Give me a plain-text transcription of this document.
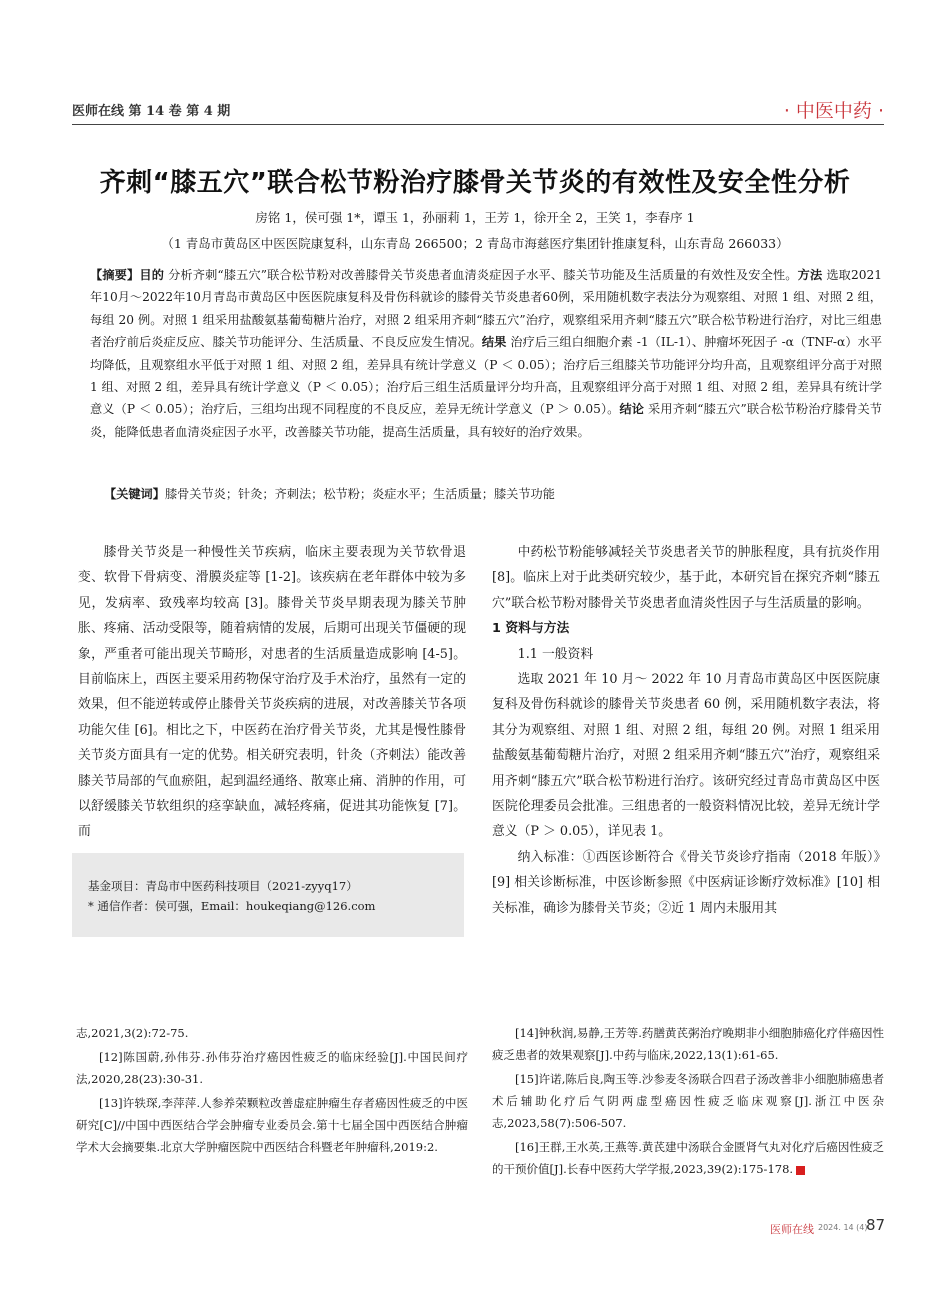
医师在线 第 14 卷 第 4 期	· 中医中药 ·
齐刺“膝五穴”联合松节粉治疗膝骨关节炎的有效性及安全性分析
房铭 1，侯可强 1*，谭玉 1，孙丽莉 1，王芳 1，徐开全 2，王笑 1，李春序 1
（1 青岛市黄岛区中医医院康复科，山东青岛 266500；2 青岛市海慈医疗集团针推康复科，山东青岛 266033）
【摘要】目的 分析齐刺“膝五穴”联合松节粉对改善膝骨关节炎患者血清炎症因子水平、膝关节功能及生活质量的有效性及安全性。方法 选取2021年10月～2022年10月青岛市黄岛区中医医院康复科及骨伤科就诊的膝骨关节炎患者60例，采用随机数字表法分为观察组、对照 1 组、对照 2 组，每组 20 例。对照 1 组采用盐酸氨基葡萄糖片治疗，对照 2 组采用齐刺“膝五穴”治疗，观察组采用齐刺“膝五穴”联合松节粉进行治疗，对比三组患者治疗前后炎症反应、膝关节功能评分、生活质量、不良反应发生情况。结果 治疗后三组白细胞介素 -1（IL-1）、肿瘤坏死因子 -α（TNF-α）水平均降低，且观察组水平低于对照 1 组、对照 2 组，差异具有统计学意义（P ＜ 0.05）；治疗后三组膝关节功能评分均升高，且观察组评分高于对照 1 组、对照 2 组，差异具有统计学意义（P ＜ 0.05）；治疗后三组生活质量评分均升高，且观察组评分高于对照 1 组、对照 2 组，差异具有统计学意义（P ＜ 0.05）；治疗后，三组均出现不同程度的不良反应，差异无统计学意义（P ＞ 0.05）。结论 采用齐刺“膝五穴”联合松节粉治疗膝骨关节炎，能降低患者血清炎症因子水平，改善膝关节功能，提高生活质量，具有较好的治疗效果。
【关键词】膝骨关节炎；针灸；齐刺法；松节粉；炎症水平；生活质量；膝关节功能

膝骨关节炎是一种慢性关节疾病，临床主要表现为关节软骨退变、软骨下骨病变、滑膜炎症等 [1-2]。该疾病在老年群体中较为多见，发病率、致残率均较高 [3]。膝骨关节炎早期表现为膝关节肿胀、疼痛、活动受限等，随着病情的发展，后期可出现关节僵硬的现象，严重者可能出现关节畸形，对患者的生活质量造成影响 [4-5]。目前临床上，西医主要采用药物保守治疗及手术治疗，虽然有一定的效果，但不能逆转或停止膝骨关节炎疾病的进展，对改善膝关节各项功能欠佳 [6]。相比之下，中医药在治疗骨关节炎，尤其是慢性膝骨关节炎方面具有一定的优势。相关研究表明，针灸（齐刺法）能改善膝关节局部的气血瘀阻，起到温经通络、散寒止痛、消肿的作用，可以舒缓膝关节软组织的痉挛缺血，减轻疼痛，促进其功能恢复 [7]。而

基金项目：青岛市中医药科技项目（2021-zyyq17）
* 通信作者：侯可强，Email：houkeqiang@126.com

中药松节粉能够减轻关节炎患者关节的肿胀程度，具有抗炎作用 [8]。临床上对于此类研究较少，基于此，本研究旨在探究齐刺“膝五穴”联合松节粉对膝骨关节炎患者血清炎性因子与生活质量的影响。

1 资料与方法

1.1 一般资料

选取 2021 年 10 月～ 2022 年 10 月青岛市黄岛区中医医院康复科及骨伤科就诊的膝骨关节炎患者 60 例，采用随机数字表法，将其分为观察组、对照 1 组、对照 2 组，每组 20 例。对照 1 组采用盐酸氨基葡萄糖片治疗，对照 2 组采用齐刺“膝五穴”治疗，观察组采用齐刺“膝五穴”联合松节粉进行治疗。该研究经过青岛市黄岛区中医医院伦理委员会批准。三组患者的一般资料情况比较，差异无统计学意义（P ＞ 0.05），详见表 1。

纳入标准：①西医诊断符合《骨关节炎诊疗指南（2018 年版）》[9] 相关诊断标准，中医诊断参照《中医病证诊断疗效标准》[10] 相关标准，确诊为膝骨关节炎；②近 1 周内未服用其

志,2021,3(2):72-75.

[12]陈国蔚,孙伟芬.孙伟芬治疗癌因性疲乏的临床经验[J].中国民间疗法,2020,28(23):30-31.

[13]许轶琛,李萍萍.人参养荣颗粒改善虚症肿瘤生存者癌因性疲乏的中医研究[C]//中国中西医结合学会肿瘤专业委员会.第十七届全国中西医结合肿瘤学术大会摘要集.北京大学肿瘤医院中西医结合科暨老年肿瘤科,2019:2.

[14]钟秋润,易静,王芳等.药膳黄芪粥治疗晚期非小细胞肺癌化疗伴癌因性疲乏患者的效果观察[J].中药与临床,2022,13(1):61-65.

[15]许诺,陈后良,陶玉等.沙参麦冬汤联合四君子汤改善非小细胞肺癌患者术后辅助化疗后气阴两虚型癌因性疲乏临床观察[J].浙江中医杂志,2023,58(7):506-507.

[16]王群,王水英,王燕等.黄芪建中汤联合金匮肾气丸对化疗后癌因性疲乏的干预价值[J].长春中医药大学学报,2023,39(2):175-178.

医师在线 2024. 14 (4)
87
